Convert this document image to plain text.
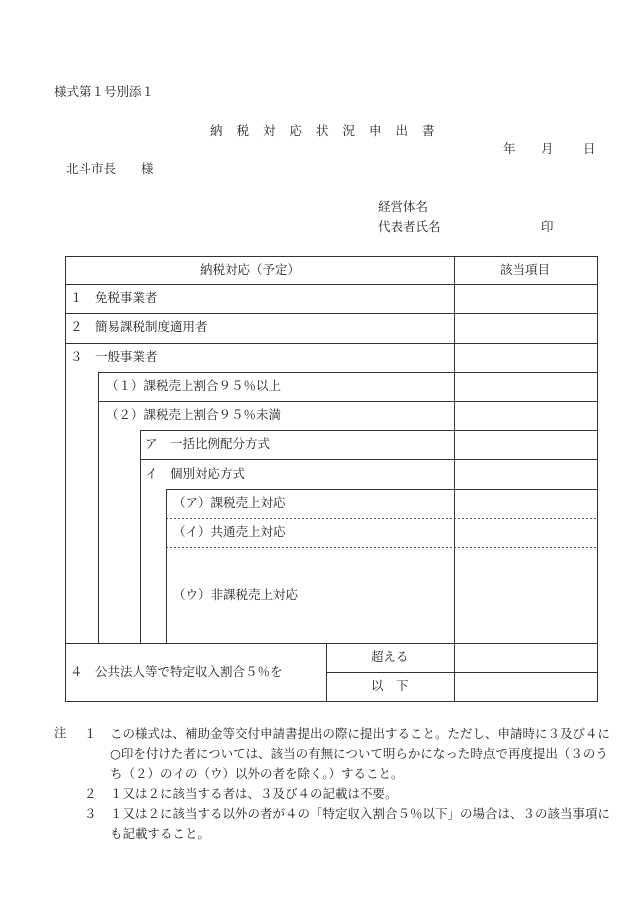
様式第１号別添１
納税対応状況申出書
年 月 日
北斗市長　　様
経営体名
代表者氏名	印
納税対応（予定）	該当項目
１　免税事業者
２　簡易課税制度適用者
３　一般事業者
（１）課税売上割合９５％以上
（２）課税売上割合９５％未満
ア　一括比例配分方式
イ　個別対応方式
（ア）課税売上対応
（イ）共通売上対応
（ウ）非課税売上対応
４　公共法人等で特定収入割合５％を
超える
以　下
注 １ この様式は、補助金等交付申請書提出の際に提出すること。ただし、申請時に３及び４に○印を付けた者については、該当の有無について明らかになった時点で再度提出（３のうち（２）のイの（ウ）以外の者を除く。）すること。
２ １又は２に該当する者は、３及び４の記載は不要。
３ １又は２に該当する以外の者が４の「特定収入割合５％以下」の場合は、３の該当事項にも記載すること。
